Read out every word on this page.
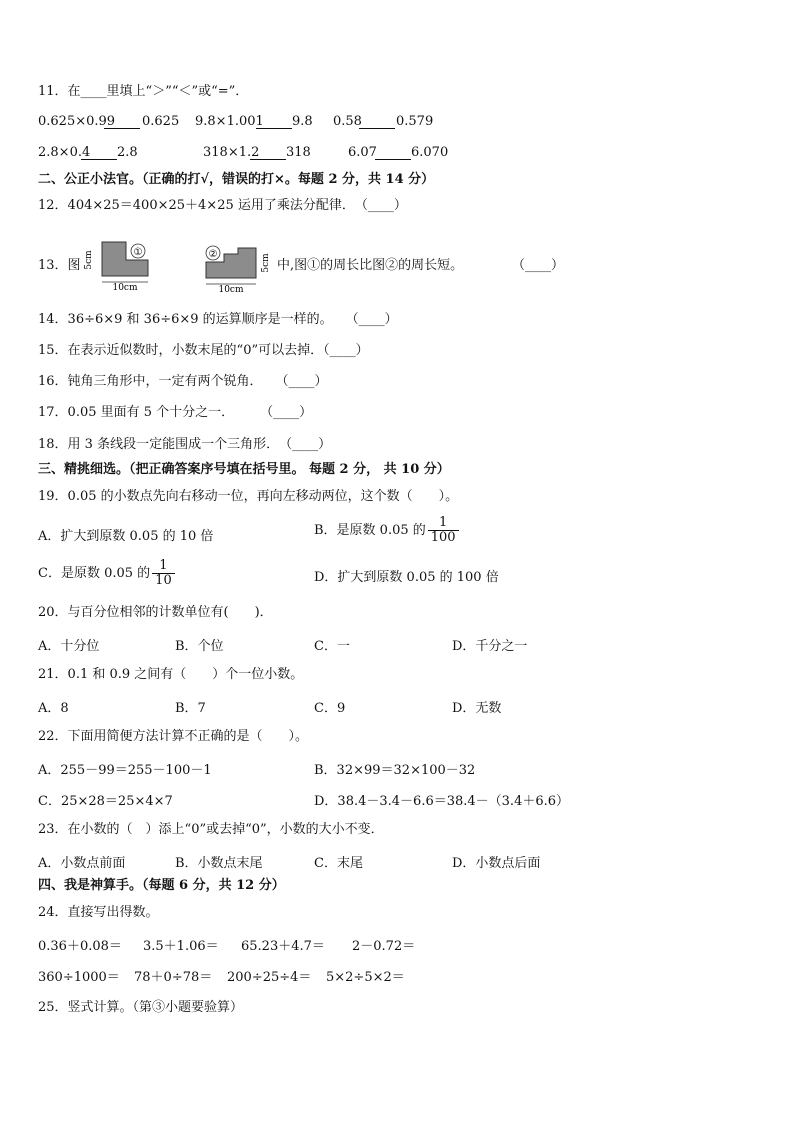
11．在____里填上“＞”“＜”或“=”．
0.625×0.99 0.625 9.8×1.001 9.8 0.58	0.579
2.8×0.4 2.8	318×1.2 318	6.07	6.070
二、公正小法官。（正确的打√，错误的打×。每题 2 分，共 14 分）
12．404×25＝400×25＋4×25 运用了乘法分配律．　（____）
13．图
①
5cm
10cm
②	5cm
10cm
中,图①的周长比图②的周长短。	（____）
14．36÷6×9 和 36÷6×9 的运算顺序是一样的。　　（____）
15．在表示近似数时，小数末尾的“0”可以去掉．（____）
16．钝角三角形中，一定有两个锐角．　　（____）
17．0.05 里面有 5 个十分之一．　　　（____）
18．用 3 条线段一定能围成一个三角形．　（____）
三、精挑细选。（把正确答案序号填在括号里。 每题 2 分， 共 10 分）
19．0.05 的小数点先向右移动一位，再向左移动两位，这个数（　　）。
A．扩大到原数 0.05 的 10 倍	B．是原数 0.05 的 $\frac{1}{100}$
C．是原数 0.05 的 $\frac{1}{10}$	D．扩大到原数 0.05 的 100 倍
20．与百分位相邻的计数单位有(　　)．
A．十分位	B．个位	C．一	D．千分之一
21．0.1 和 0.9 之间有（　　）个一位小数。
A．8	B．7	C．9	D．无数
22．下面用简便方法计算不正确的是（　　）。
A．255－99＝255－100－1	B．32×99＝32×100－32
C．25×28＝25×4×7	D．38.4－3.4－6.6＝38.4－（3.4＋6.6）
23．在小数的（　）添上“0”或去掉“0”，小数的大小不变．
A．小数点前面	B．小数点末尾	C．末尾	D．小数点后面
四、我是神算手。（每题 6 分，共 12 分）
24．直接写出得数。
0.36＋0.08＝ 3.5＋1.06＝ 65.23＋4.7＝ 2－0.72＝
360÷1000＝ 78＋0÷78＝ 200÷25÷4＝ 5×2÷5×2＝
25．竖式计算。（第③小题要验算）
